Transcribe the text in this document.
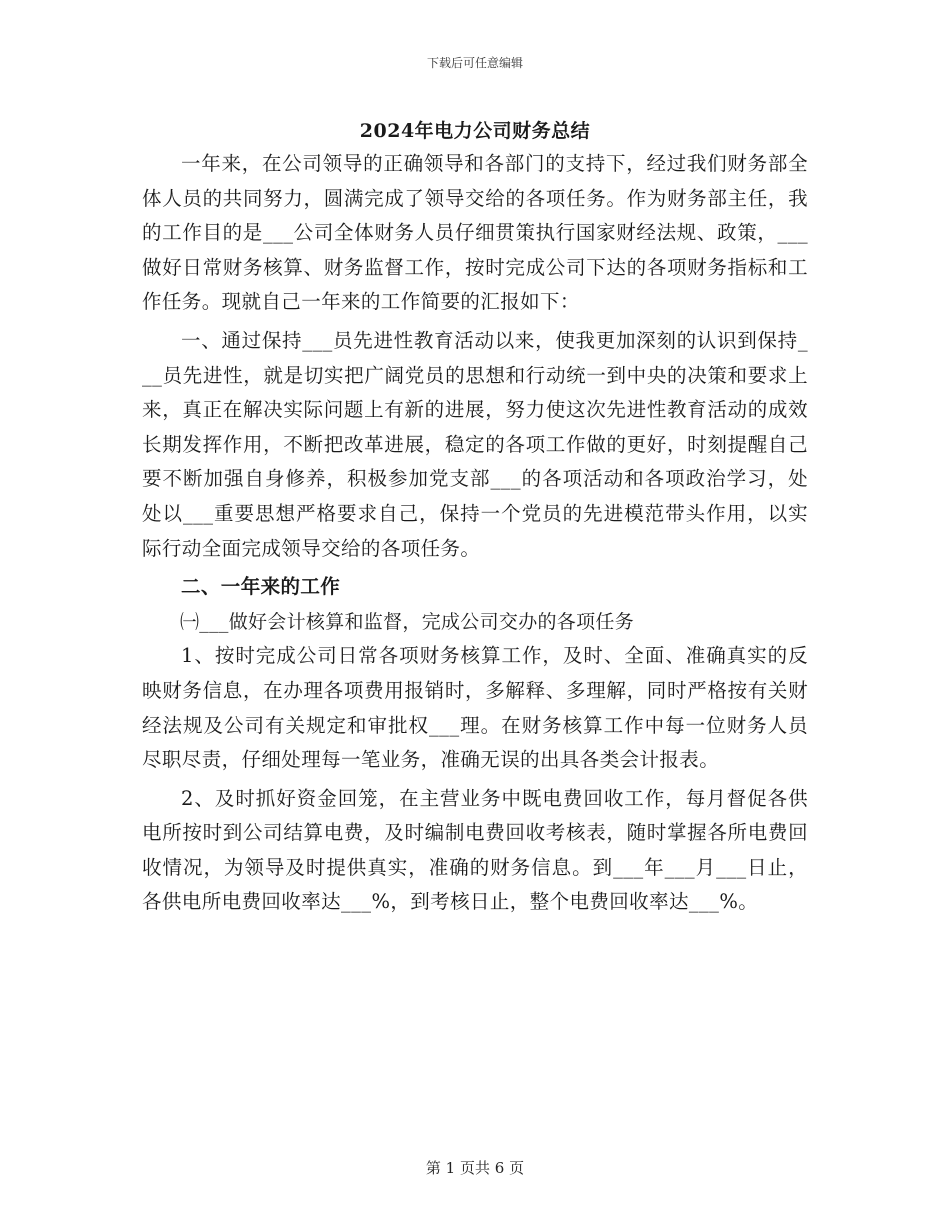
下载后可任意编辑
2024年电力公司财务总结

一年来，在公司领导的正确领导和各部门的支持下，经过我们财务部全体人员的共同努力，圆满完成了领导交给的各项任务。作为财务部主任，我的工作目的是___公司全体财务人员仔细贯策执行国家财经法规、政策，___做好日常财务核算、财务监督工作，按时完成公司下达的各项财务指标和工作任务。现就自己一年来的工作简要的汇报如下：

一、通过保持___员先进性教育活动以来，使我更加深刻的认识到保持___员先进性，就是切实把广阔党员的思想和行动统一到中央的决策和要求上来，真正在解决实际问题上有新的进展，努力使这次先进性教育活动的成效长期发挥作用，不断把改革进展，稳定的各项工作做的更好，时刻提醒自己要不断加强自身修养，积极参加党支部___的各项活动和各项政治学习，处处以___重要思想严格要求自己，保持一个党员的先进模范带头作用，以实际行动全面完成领导交给的各项任务。

二、一年来的工作

㈠___做好会计核算和监督，完成公司交办的各项任务

1、按时完成公司日常各项财务核算工作，及时、全面、准确真实的反映财务信息，在办理各项费用报销时，多解释、多理解，同时严格按有关财经法规及公司有关规定和审批权___理。在财务核算工作中每一位财务人员尽职尽责，仔细处理每一笔业务，准确无误的出具各类会计报表。

2、及时抓好资金回笼，在主营业务中既电费回收工作，每月督促各供电所按时到公司结算电费，及时编制电费回收考核表，随时掌握各所电费回收情况，为领导及时提供真实，准确的财务信息。到___年___月___日止，各供电所电费回收率达___%，到考核日止，整个电费回收率达___%。

第 1 页共 6 页
